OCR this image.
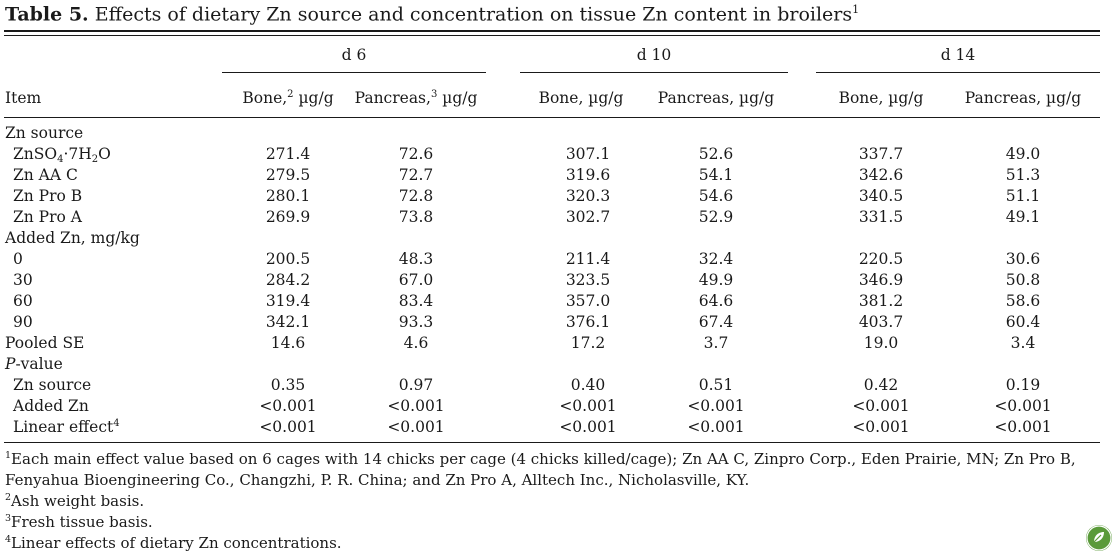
Table 5. Effects of dietary Zn source and concentration on tissue Zn content in broilers$^1$
d 6	d 10	d 14
Item	Bone,$^2$ µg/g	Pancreas,$^3$ µg/g	Bone, µg/g	Pancreas, µg/g	Bone, µg/g	Pancreas, µg/g
Zn source
ZnSO4·7H2O	271.4	72.6	307.1	52.6	337.7	49.0
Zn AA C	279.5	72.7	319.6	54.1	342.6	51.3
Zn Pro B	280.1	72.8	320.3	54.6	340.5	51.1
Zn Pro A	269.9	73.8	302.7	52.9	331.5	49.1
Added Zn, mg/kg
0	200.5	48.3	211.4	32.4	220.5	30.6
30	284.2	67.0	323.5	49.9	346.9	50.8
60	319.4	83.4	357.0	64.6	381.2	58.6
90	342.1	93.3	376.1	67.4	403.7	60.4
Pooled SE	14.6	4.6	17.2	3.7	19.0	3.4
P-value
Zn source	0.35	0.97	0.40	0.51	0.42	0.19
Added Zn	<0.001	<0.001	<0.001	<0.001	<0.001	<0.001
Linear effect$^4$	<0.001	<0.001	<0.001	<0.001	<0.001	<0.001
$^1$Each main effect value based on 6 cages with 14 chicks per cage (4 chicks killed/cage); Zn AA C, Zinpro Corp., Eden Prairie, MN; Zn Pro B,
Fenyahua Bioengineering Co., Changzhi, P. R. China; and Zn Pro A, Alltech Inc., Nicholasville, KY.
$^2$Ash weight basis.
$^3$Fresh tissue basis.
$^4$Linear effects of dietary Zn concentrations.
